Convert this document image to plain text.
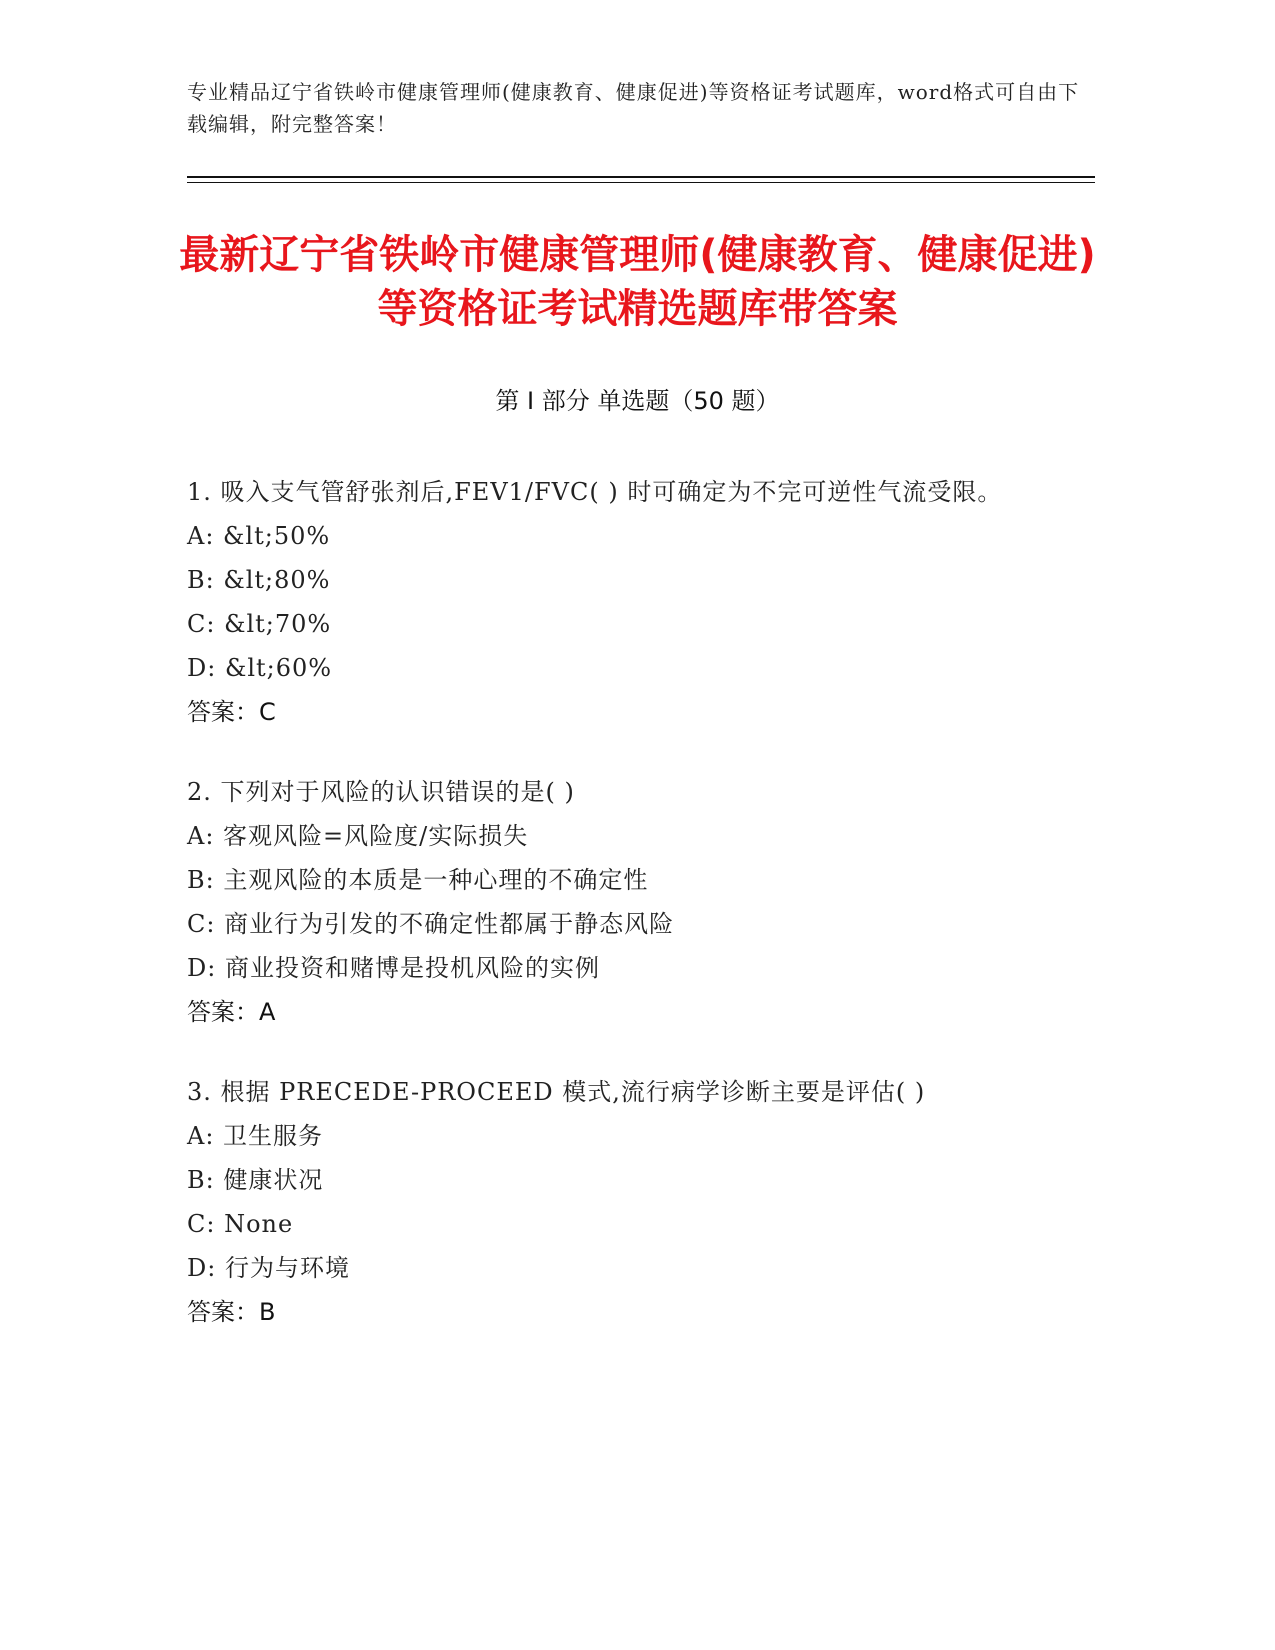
专业精品辽宁省铁岭市健康管理师(健康教育、健康促进)等资格证考试题库，word格式可自由下载编辑，附完整答案！
最新辽宁省铁岭市健康管理师(健康教育、健康促进)等资格证考试精选题库带答案
第 I 部分 单选题（50 题）
1. 吸入支气管舒张剂后,FEV1/FVC( ) 时可确定为不完可逆性气流受限。
A: &lt;50%
B: &lt;80%
C: &lt;70%
D: &lt;60%
答案：C
2. 下列对于风险的认识错误的是( )
A: 客观风险=风险度/实际损失
B: 主观风险的本质是一种心理的不确定性
C: 商业行为引发的不确定性都属于静态风险
D: 商业投资和赌博是投机风险的实例
答案：A
3. 根据 PRECEDE-PROCEED 模式,流行病学诊断主要是评估( )
A: 卫生服务
B: 健康状况
C: None
D: 行为与环境
答案：B
